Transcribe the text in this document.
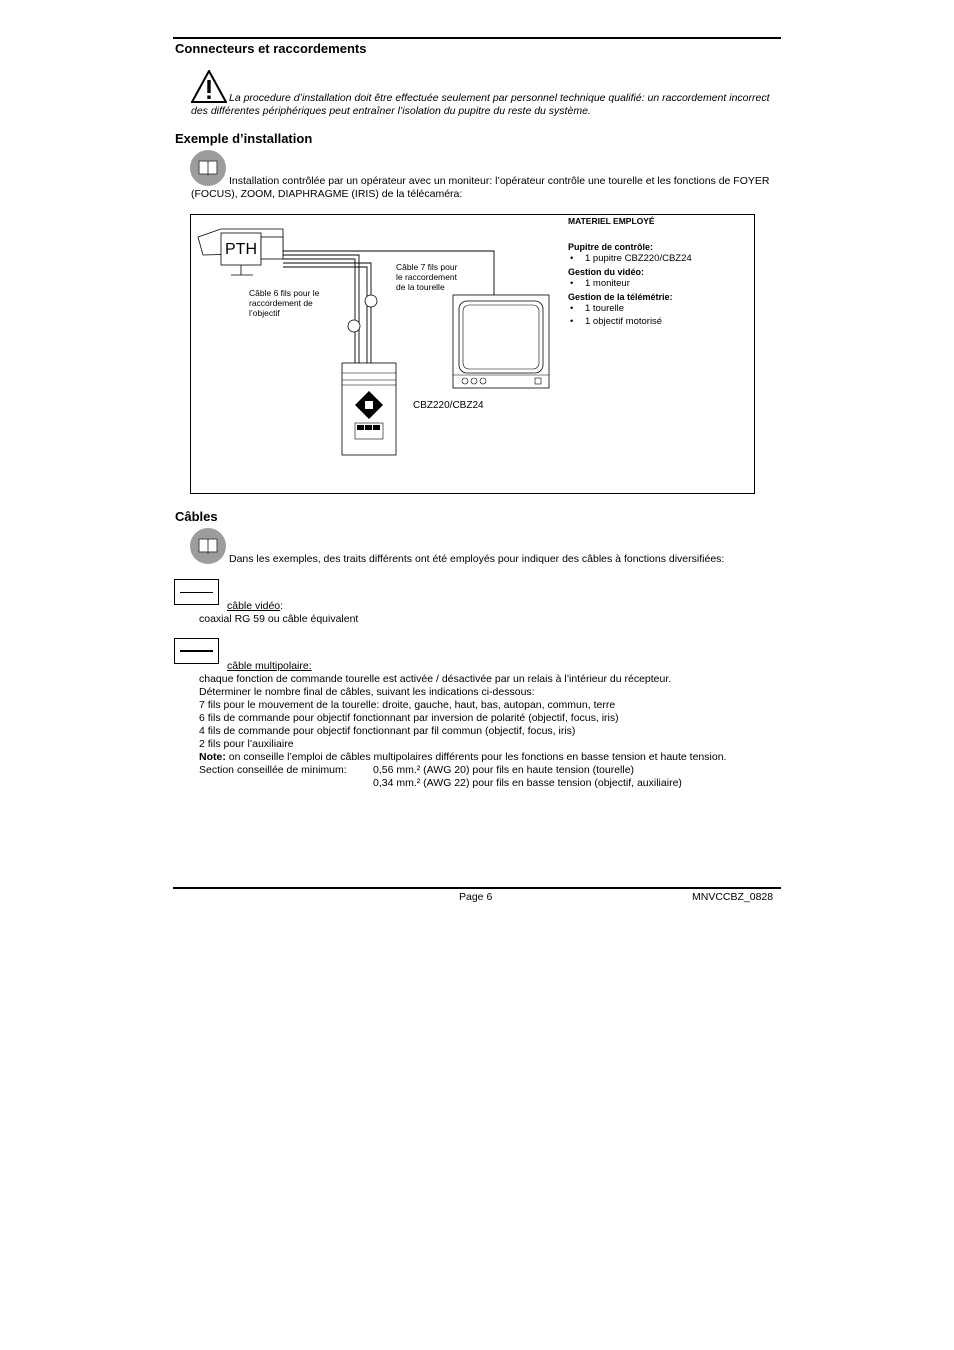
Connecteurs et raccordements
La procedure d’installation doit être effectuée seulement par personnel technique qualifié: un raccordement incorrect des différentes périphériques peut entraîner l’isolation du pupitre du reste du système.
Exemple d’installation
Installation contrôlée par un opérateur avec un moniteur: l’opérateur contrôle une tourelle et les fonctions de FOYER (FOCUS), ZOOM, DIAPHRAGME (IRIS) de la télécaméra:
PTH
Câble 6 fils pour le raccordement de l’objectif
Câble 7 fils pour le raccordement de la tourelle
CBZ220/CBZ24
MATERIEL EMPLOYÉ
Pupitre de contrôle:
• 1 pupitre CBZ220/CBZ24
Gestion du vidéo:
• 1 moniteur
Gestion de la télémétrie:
• 1 tourelle
• 1 objectif motorisé
Câbles
Dans les exemples, des traits différents ont été employés pour indiquer des câbles à fonctions diversifiées:
câble vidéo:
coaxial RG 59 ou câble équivalent
câble multipolaire:
chaque fonction de commande tourelle est activée / désactivée par un relais à l’intérieur du récepteur.
Déterminer le nombre final de câbles, suivant les indications ci-dessous:
7 fils pour le mouvement de la tourelle: droite, gauche, haut, bas, autopan, commun, terre
6 fils de commande pour objectif fonctionnant par inversion de polarité (objectif, focus, iris)
4 fils de commande pour objectif fonctionnant par fil commun (objectif, focus, iris)
2 fils pour l’auxiliaire
Note: on conseille l’emploi de câbles multipolaires différents pour les fonctions en basse tension et haute tension.
Section conseillée de minimum:	0,56 mm.² (AWG 20) pour fils en haute tension (tourelle)
0,34 mm.² (AWG 22) pour fils en basse tension (objectif, auxiliaire)
Page 6	MNVCCBZ_0828
